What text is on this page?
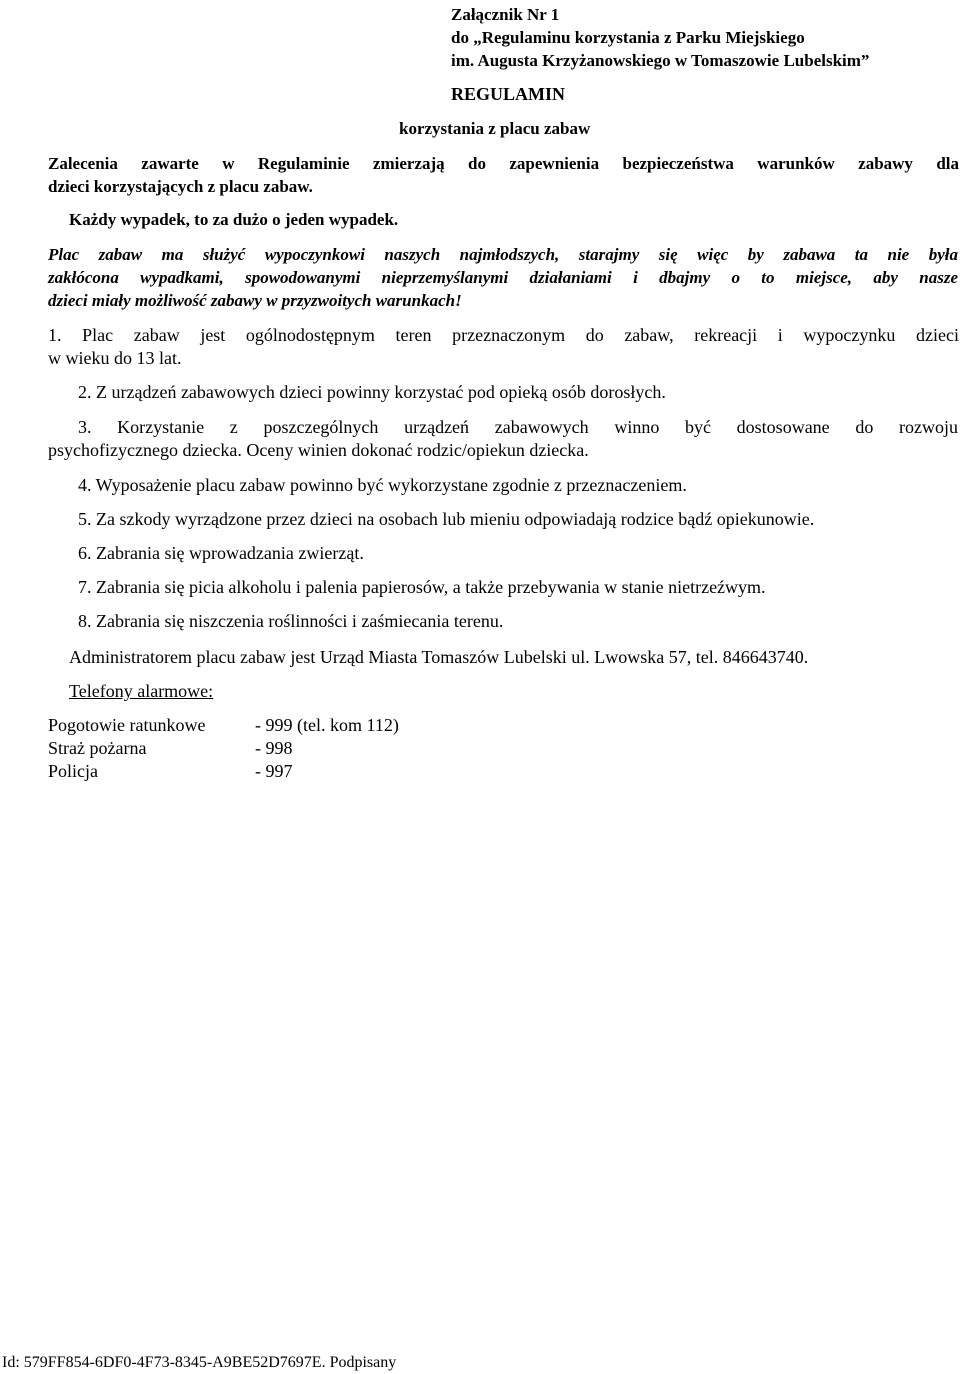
Załącznik Nr 1
do „Regulaminu korzystania z Parku Miejskiego
im. Augusta Krzyżanowskiego w Tomaszowie Lubelskim”
REGULAMIN
korzystania z placu zabaw
Zalecenia zawarte w Regulaminie zmierzają do zapewnienia bezpieczeństwa warunków zabawy dla
dzieci korzystających z placu zabaw.
Każdy wypadek, to za dużo o jeden wypadek.
Plac zabaw ma służyć wypoczynkowi naszych najmłodszych, starajmy się więc by zabawa ta nie była
zakłócona wypadkami, spowodowanymi nieprzemyślanymi działaniami i dbajmy o to miejsce, aby nasze
dzieci miały możliwość zabawy w przyzwoitych warunkach!
1. Plac zabaw jest ogólnodostępnym teren przeznaczonym do zabaw, rekreacji i wypoczynku dzieci
w wieku do 13 lat.
2. Z urządzeń zabawowych dzieci powinny korzystać pod opieką osób dorosłych.
3. Korzystanie z poszczególnych urządzeń zabawowych winno być dostosowane do rozwoju
psychofizycznego dziecka. Oceny winien dokonać rodzic/opiekun dziecka.
4. Wyposażenie placu zabaw powinno być wykorzystane zgodnie z przeznaczeniem.
5. Za szkody wyrządzone przez dzieci na osobach lub mieniu odpowiadają rodzice bądź opiekunowie.
6. Zabrania się wprowadzania zwierząt.
7. Zabrania się picia alkoholu i palenia papierosów, a także przebywania w stanie nietrzeźwym.
8. Zabrania się niszczenia roślinności i zaśmiecania terenu.
Administratorem placu zabaw jest Urząd Miasta Tomaszów Lubelski ul. Lwowska 57, tel. 846643740.
Telefony alarmowe:
Pogotowie ratunkowe	- 999 (tel. kom 112)
Straż pożarna	- 998
Policja	- 997
Id: 579FF854-6DF0-4F73-8345-A9BE52D7697E. Podpisany
